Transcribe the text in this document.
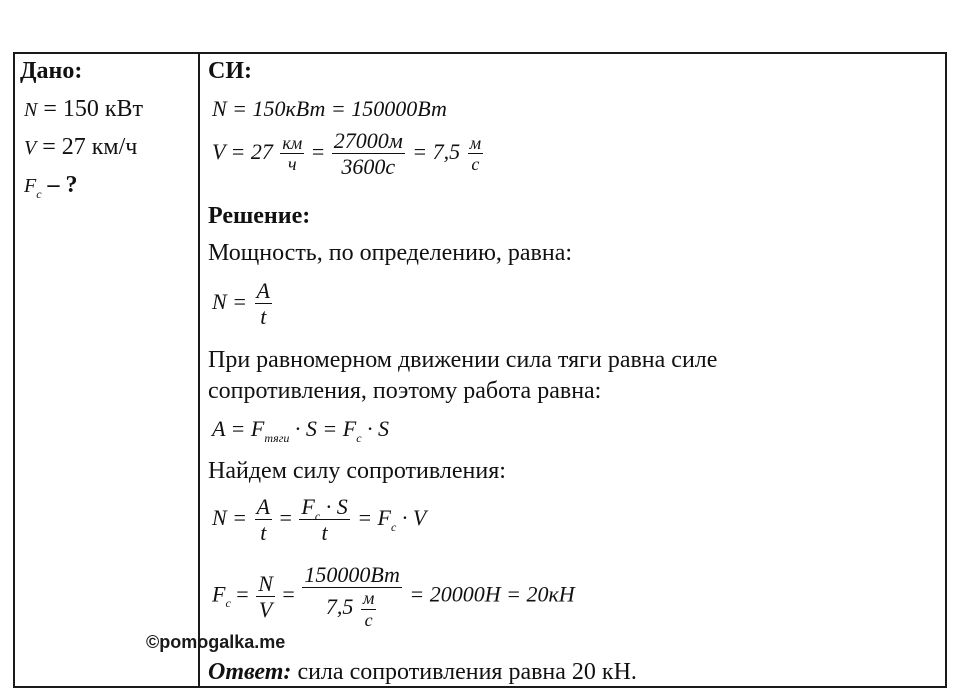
Дано:
N = 150 кВт
V = 27 км/ч
$F_c$ – ?
СИ:
N = 150кВт = 150000Вт
V = 27 км
ч
= 27000м
3600с
= 7,5 м
с
Решение:
Мощность, по определению, равна:
$N = \frac{A}{t}$
При равномерном движении сила тяги равна силе
сопротивления, поэтому работа равна:
$A = F_{тяги} \cdot S = F_c \cdot S$
Найдем силу сопротивления:
$N = \frac{A}{t} = \frac{F_c \cdot S}{t} = F_c \cdot V$
$F_c = \frac{N}{V}$ =
150000Вт
7,5 м
с
= 20000Н = 20кН
©pomogalka.me
Ответ: сила сопротивления равна 20 кН.
